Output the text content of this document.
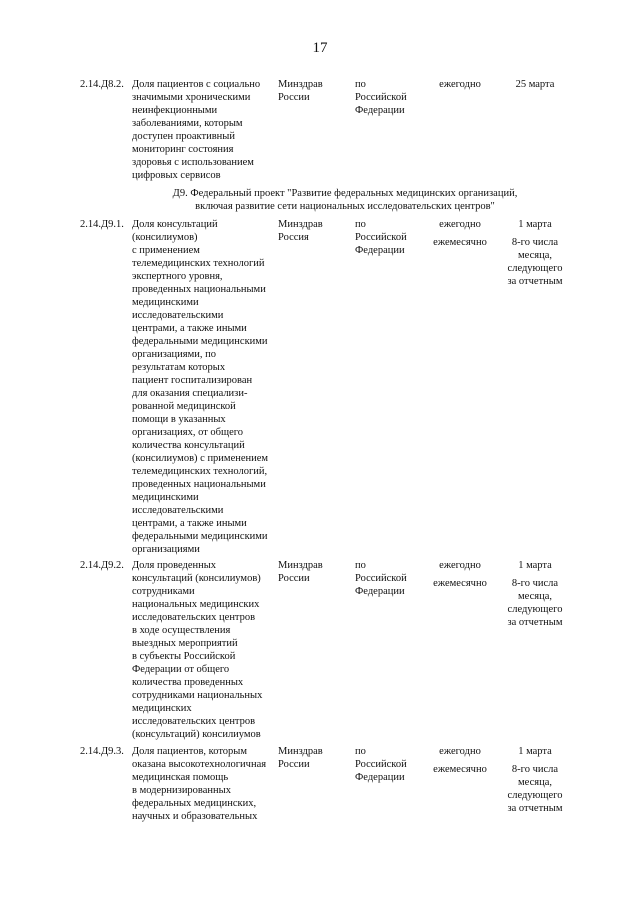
17
2.14.Д8.2. Доля пациентов с социально
значимыми хроническими
неинфекционными
заболеваниями, которым
доступен проактивный
мониторинг состояния
здоровья с использованием
цифровых сервисов
Минздрав
России
по
Российской
Федерации
ежегодно	25 марта
Д9. Федеральный проект "Развитие федеральных медицинских организаций,
включая развитие сети национальных исследовательских центров"
2.14.Д9.1. Доля консультаций
(консилиумов)
с применением
телемедицинских технологий
экспертного уровня,
проведенных национальными
медицинскими
исследовательскими
центрами, а также иными
федеральными медицинскими
организациями, по
результатам которых
пациент госпитализирован
для оказания специализи-
рованной медицинской
помощи в указанных
организациях, от общего
количества консультаций
(консилиумов) с применением
телемедицинских технологий,
проведенных национальными
медицинскими
исследовательскими
центрами, а также иными
федеральными медицинскими
организациями
Минздрав
Россия
по
Российской
Федерации
ежегодно
ежемесячно
1 марта
8-го числа
месяца,
следующего
за отчетным
2.14.Д9.2. Доля проведенных
консультаций (консилиумов)
сотрудниками
национальных медицинских
исследовательских центров
в ходе осуществления
выездных мероприятий
в субъекты Российской
Федерации от общего
количества проведенных
сотрудниками национальных
медицинских
исследовательских центров
(консультаций) консилиумов
Минздрав
России
по
Российской
Федерации
ежегодно
ежемесячно
1 марта
8-го числа
месяца,
следующего
за отчетным
2.14.Д9.3. Доля пациентов, которым
оказана высокотехнологичная
медицинская помощь
в модернизированных
федеральных медицинских,
научных и образовательных
Минздрав
России
по
Российской
Федерации
ежегодно
ежемесячно
1 марта
8-го числа
месяца,
следующего
за отчетным
